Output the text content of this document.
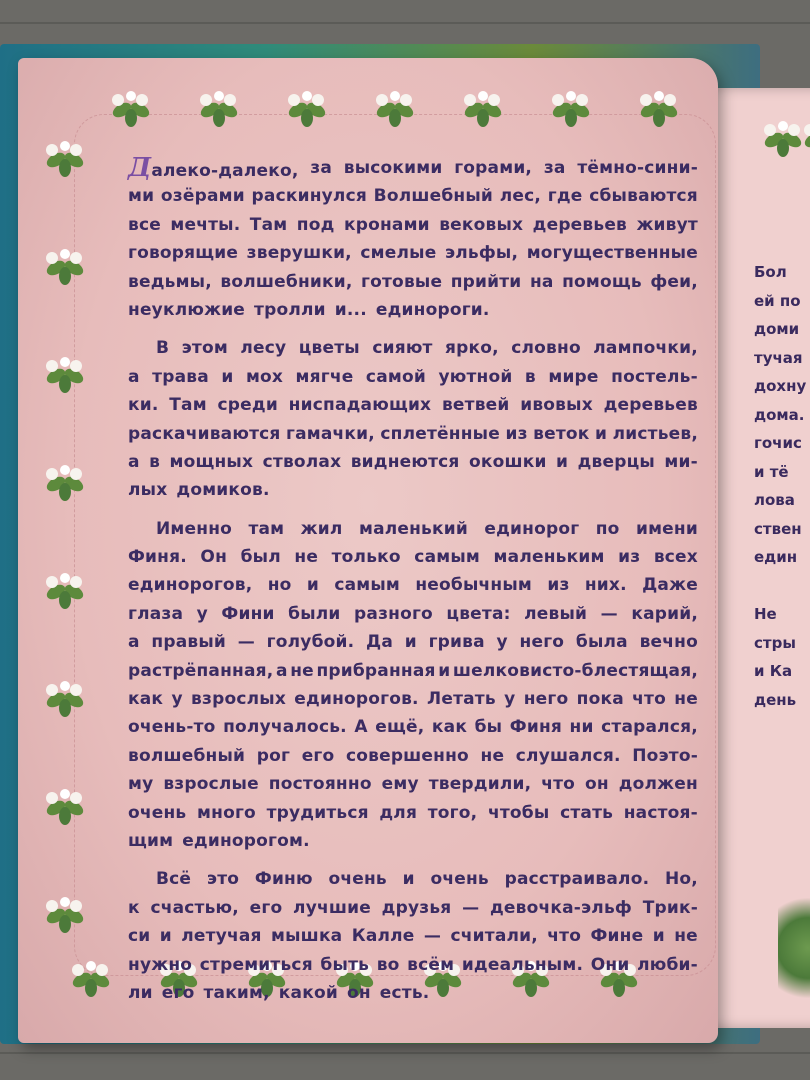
Бол
ей по
доми
тучая
дохну
дома.
гочис
и тё
лова
ствен
един
Не
стры
и Ка
день
Далеко-далеко, за высокими горами, за тёмно-сини-
ми озёрами раскинулся Волшебный лес, где сбываются
все мечты. Там под кронами вековых деревьев живут
говорящие зверушки, смелые эльфы, могущественные
ведьмы, волшебники, готовые прийти на помощь феи,
неуклюжие тролли и... единороги.
В этом лесу цветы сияют ярко, словно лампочки,
а трава и мох мягче самой уютной в мире постель-
ки. Там среди ниспадающих ветвей ивовых деревьев
раскачиваются гамачки, сплетённые из веток и листьев,
а в мощных стволах виднеются окошки и дверцы ми-
лых домиков.
Именно там жил маленький единорог по имени
Финя. Он был не только самым маленьким из всех
единорогов, но и самым необычным из них. Даже
глаза у Фини были разного цвета: левый — карий,
а правый — голубой. Да и грива у него была вечно
растрёпанная, а не прибранная и шелковисто-блестящая,
как у взрослых единорогов. Летать у него пока что не
очень-то получалось. А ещё, как бы Финя ни старался,
волшебный рог его совершенно не слушался. Поэто-
му взрослые постоянно ему твердили, что он должен
очень много трудиться для того, чтобы стать настоя-
щим единорогом.
Всё это Финю очень и очень расстраивало. Но,
к счастью, его лучшие друзья — девочка-эльф Трик-
си и летучая мышка Калле — считали, что Фине и не
нужно стремиться быть во всём идеальным. Они люби-
ли его таким, какой он есть.
